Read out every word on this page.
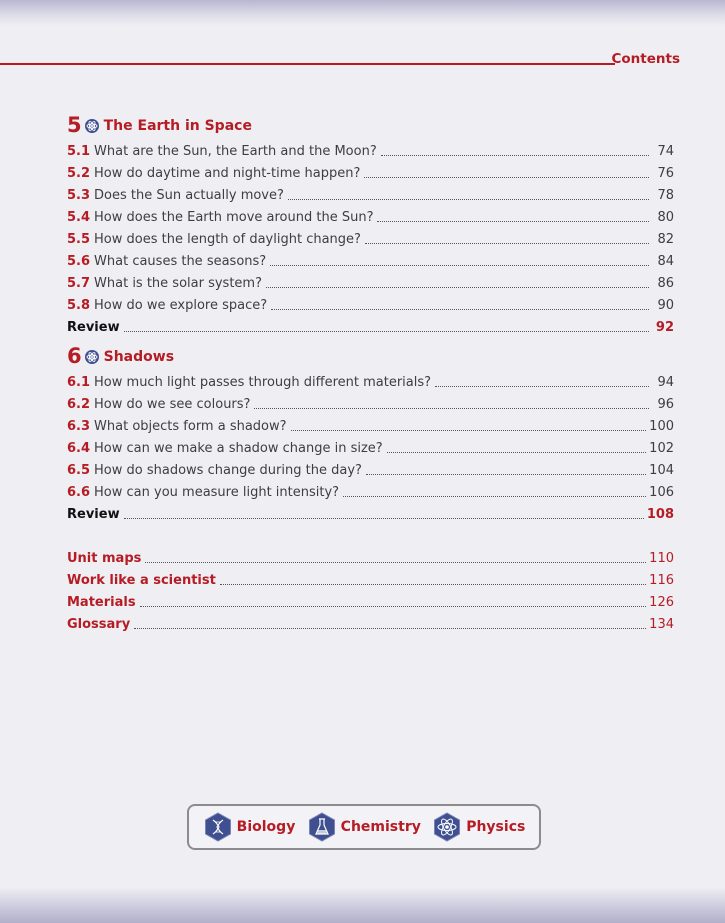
Contents
5 The Earth in Space
5.1 What are the Sun, the Earth and the Moon?	74
5.2 How do daytime and night-time happen?	76
5.3 Does the Sun actually move?	78
5.4 How does the Earth move around the Sun?	80
5.5 How does the length of daylight change?	82
5.6 What causes the seasons?	84
5.7 What is the solar system?	86
5.8 How do we explore space?	90
Review	92
6 Shadows
6.1 How much light passes through different materials?	94
6.2 How do we see colours?	96
6.3 What objects form a shadow?	100
6.4 How can we make a shadow change in size?	102
6.5 How do shadows change during the day?	104
6.6 How can you measure light intensity?	106
Review	108
Unit maps	110
Work like a scientist	116
Materials	126
Glossary	134
Biology	Chemistry	Physics
